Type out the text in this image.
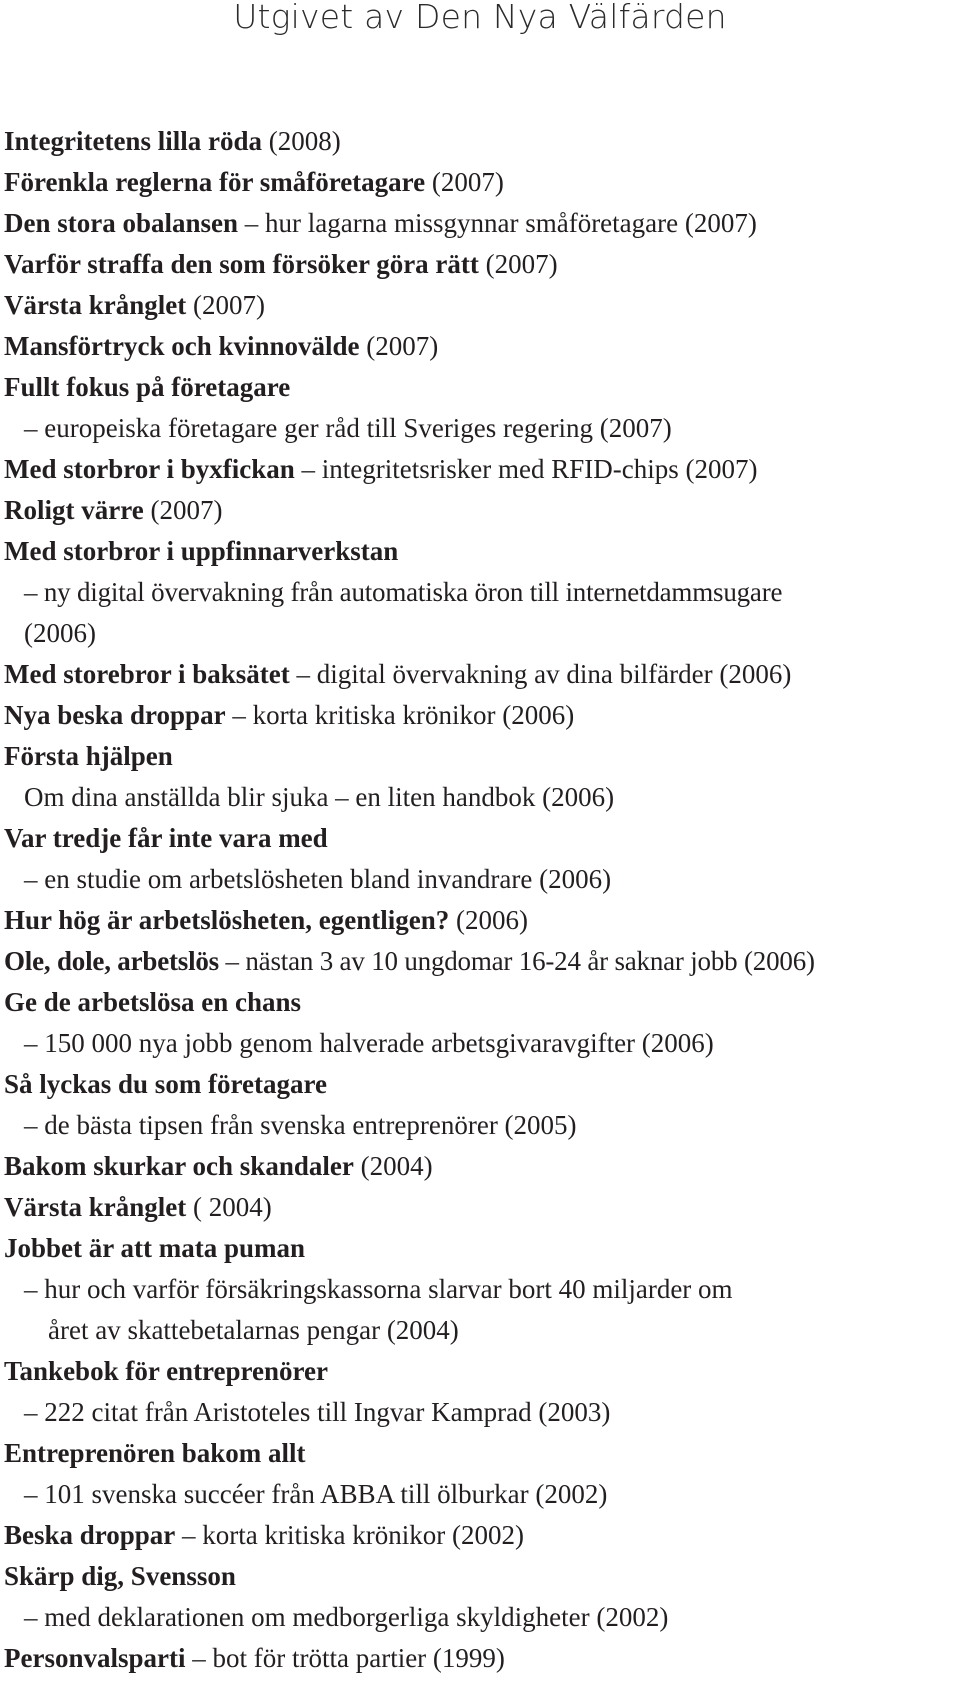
Utgivet av Den Nya Välfärden
Integritetens lilla röda (2008)
Förenkla reglerna för småföretagare (2007)
Den stora obalansen – hur lagarna missgynnar småföretagare (2007)
Varför straffa den som försöker göra rätt (2007)
Värsta krånglet (2007)
Mansförtryck och kvinnovälde (2007)
Fullt fokus på företagare
– europeiska företagare ger råd till Sveriges regering (2007)
Med storbror i byxfickan – integritetsrisker med RFID-chips (2007)
Roligt värre (2007)
Med storbror i uppfinnarverkstan
– ny digital övervakning från automatiska öron till internetdammsugare
(2006)
Med storebror i baksätet – digital övervakning av dina bilfärder (2006)
Nya beska droppar – korta kritiska krönikor (2006)
Första hjälpen
Om dina anställda blir sjuka – en liten handbok (2006)
Var tredje får inte vara med
– en studie om arbetslösheten bland invandrare (2006)
Hur hög är arbetslösheten, egentligen? (2006)
Ole, dole, arbetslös – nästan 3 av 10 ungdomar 16-24 år saknar jobb (2006)
Ge de arbetslösa en chans
– 150 000 nya jobb genom halverade arbetsgivaravgifter (2006)
Så lyckas du som företagare
– de bästa tipsen från svenska entreprenörer (2005)
Bakom skurkar och skandaler (2004)
Värsta krånglet ( 2004)
Jobbet är att mata puman
– hur och varför försäkringskassorna slarvar bort 40 miljarder om
året av skattebetalarnas pengar (2004)
Tankebok för entreprenörer
– 222 citat från Aristoteles till Ingvar Kamprad (2003)
Entreprenören bakom allt
– 101 svenska succéer från ABBA till ölburkar (2002)
Beska droppar – korta kritiska krönikor (2002)
Skärp dig, Svensson
– med deklarationen om medborgerliga skyldigheter (2002)
Personvalsparti – bot för trötta partier (1999)
